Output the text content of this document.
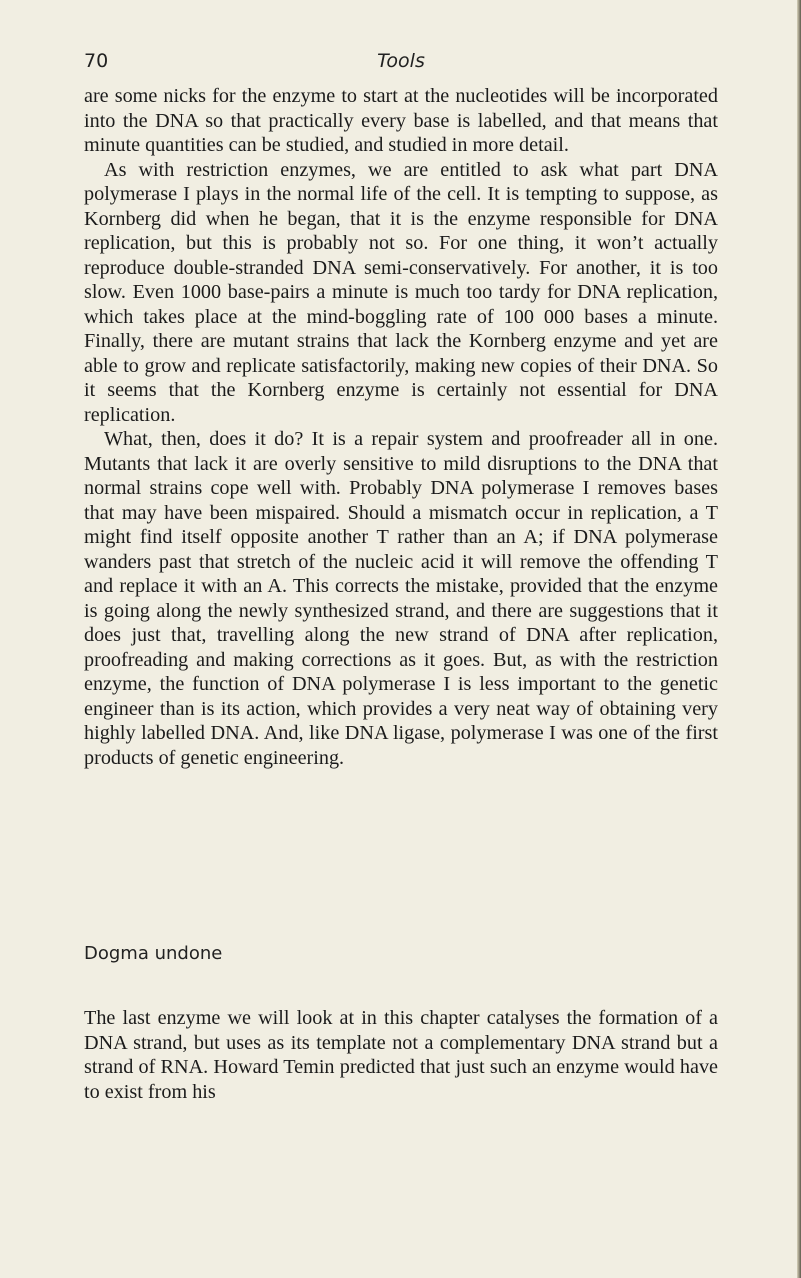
70	Tools

are some nicks for the enzyme to start at the nucleotides will be incorporated into the DNA so that practically every base is labelled, and that means that minute quantities can be studied, and studied in more detail.

As with restriction enzymes, we are entitled to ask what part DNA polymerase I plays in the normal life of the cell. It is tempting to suppose, as Kornberg did when he began, that it is the enzyme responsible for DNA replication, but this is probably not so. For one thing, it won’t actually reproduce double-stranded DNA semi-conservatively. For another, it is too slow. Even 1000 base-pairs a minute is much too tardy for DNA replication, which takes place at the mind-boggling rate of 100 000 bases a minute. Finally, there are mutant strains that lack the Kornberg enzyme and yet are able to grow and replicate satisfactorily, making new copies of their DNA. So it seems that the Kornberg enzyme is certainly not essential for DNA replication.

What, then, does it do? It is a repair system and proofreader all in one. Mutants that lack it are overly sensitive to mild disruptions to the DNA that normal strains cope well with. Probably DNA polymerase I removes bases that may have been mispaired. Should a mismatch occur in replication, a T might find itself opposite another T rather than an A; if DNA polymerase wanders past that stretch of the nucleic acid it will remove the offending T and replace it with an A. This corrects the mistake, provided that the enzyme is going along the newly synthesized strand, and there are suggestions that it does just that, travelling along the new strand of DNA after replication, proofreading and making corrections as it goes. But, as with the restriction enzyme, the function of DNA polymerase I is less important to the genetic engineer than is its action, which provides a very neat way of obtaining very highly labelled DNA. And, like DNA ligase, polymerase I was one of the first products of genetic engineering.

Dogma undone

The last enzyme we will look at in this chapter catalyses the formation of a DNA strand, but uses as its template not a complementary DNA strand but a strand of RNA. Howard Temin predicted that just such an enzyme would have to exist from his
